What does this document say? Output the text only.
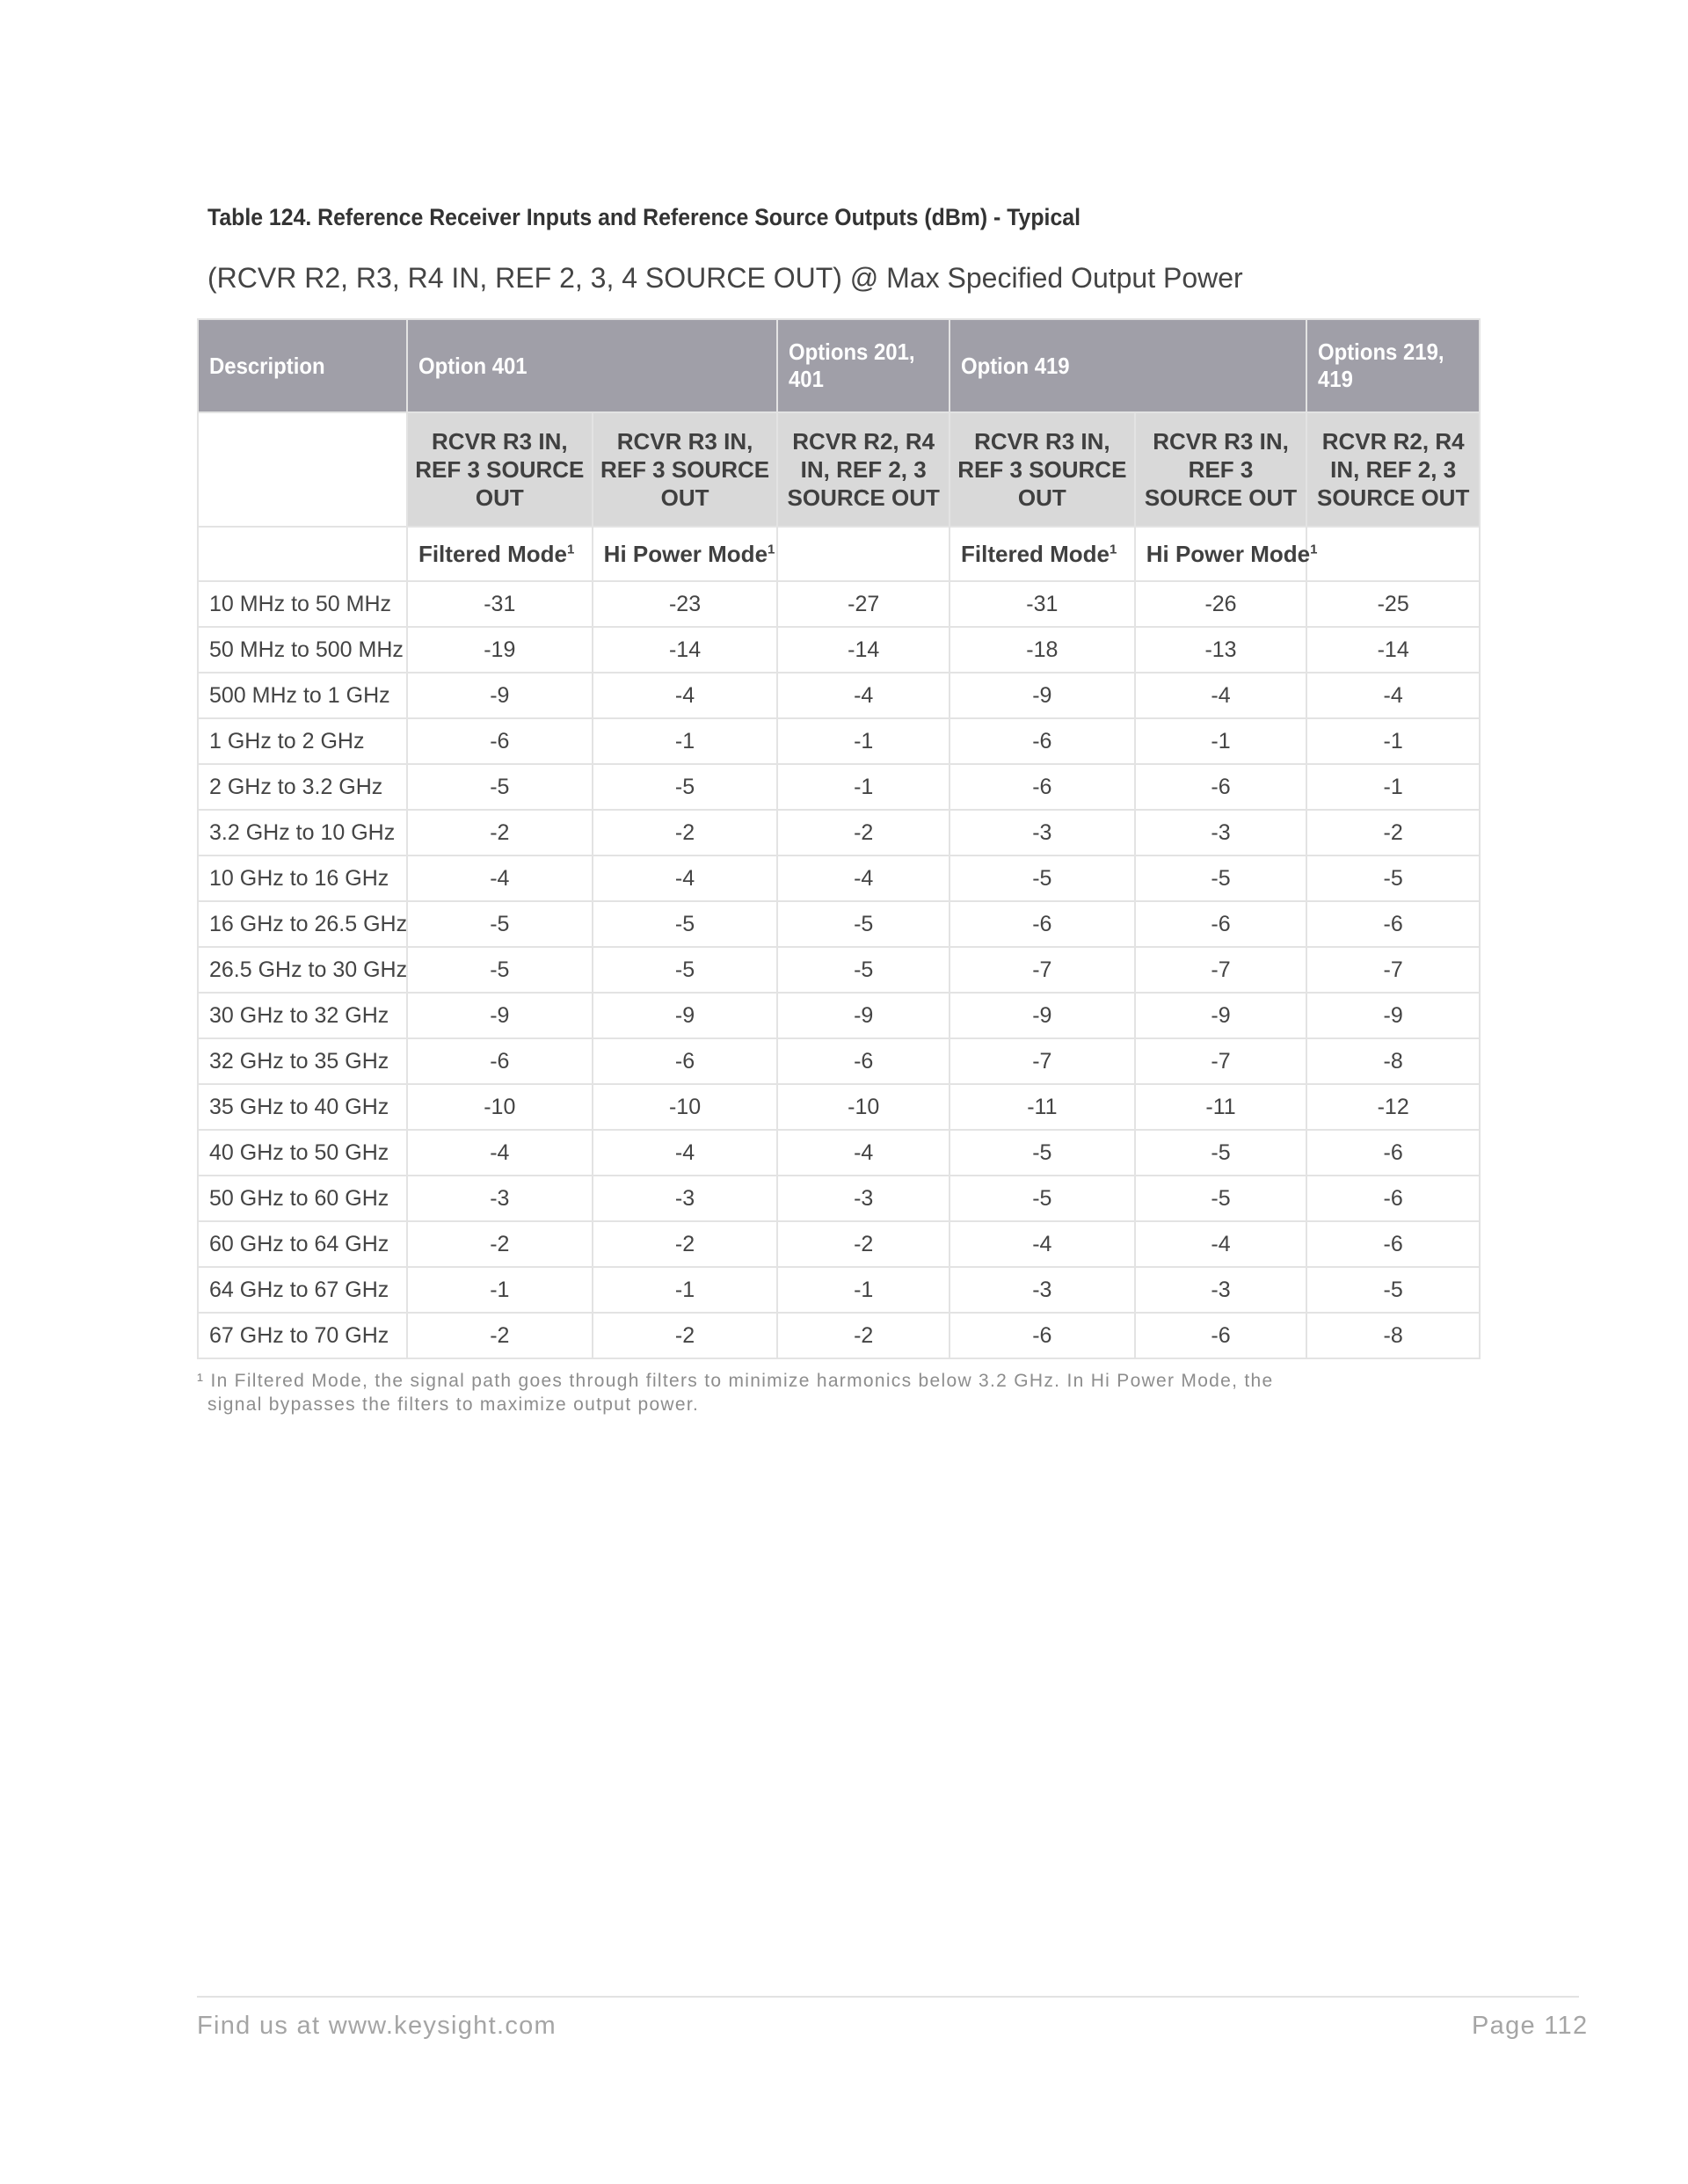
Table 124. Reference Receiver Inputs and Reference Source Outputs (dBm) - Typical
(RCVR R2, R3, R4 IN, REF 2, 3, 4 SOURCE OUT) @ Max Specified Output Power
Description	Option 401		Options 201, 401	Option 419		Options 219, 419
	RCVR R3 IN, REF 3 SOURCE OUT	RCVR R3 IN, REF 3 SOURCE OUT	RCVR R2, R4 IN, REF 2, 3 SOURCE OUT	RCVR R3 IN, REF 3 SOURCE OUT	RCVR R3 IN, REF 3 SOURCE OUT	RCVR R2, R4 IN, REF 2, 3 SOURCE OUT
	Filtered Mode$^1$	Hi Power Mode$^1$		Filtered Mode$^1$	Hi Power Mode$^1$	
10 MHz to 50 MHz	-31	-23	-27	-31	-26	-25
50 MHz to 500 MHz	-19	-14	-14	-18	-13	-14
500 MHz to 1 GHz	-9	-4	-4	-9	-4	-4
1 GHz to 2 GHz	-6	-1	-1	-6	-1	-1
2 GHz to 3.2 GHz	-5	-5	-1	-6	-6	-1
3.2 GHz to 10 GHz	-2	-2	-2	-3	-3	-2
10 GHz to 16 GHz	-4	-4	-4	-5	-5	-5
16 GHz to 26.5 GHz	-5	-5	-5	-6	-6	-6
26.5 GHz to 30 GHz	-5	-5	-5	-7	-7	-7
30 GHz to 32 GHz	-9	-9	-9	-9	-9	-9
32 GHz to 35 GHz	-6	-6	-6	-7	-7	-8
35 GHz to 40 GHz	-10	-10	-10	-11	-11	-12
40 GHz to 50 GHz	-4	-4	-4	-5	-5	-6
50 GHz to 60 GHz	-3	-3	-3	-5	-5	-6
60 GHz to 64 GHz	-2	-2	-2	-4	-4	-6
64 GHz to 67 GHz	-1	-1	-1	-3	-3	-5
67 GHz to 70 GHz	-2	-2	-2	-6	-6	-8
¹ In Filtered Mode, the signal path goes through filters to minimize harmonics below 3.2 GHz. In Hi Power Mode, the
signal bypasses the filters to maximize output power.
Find us at www.keysight.com	Page 112
